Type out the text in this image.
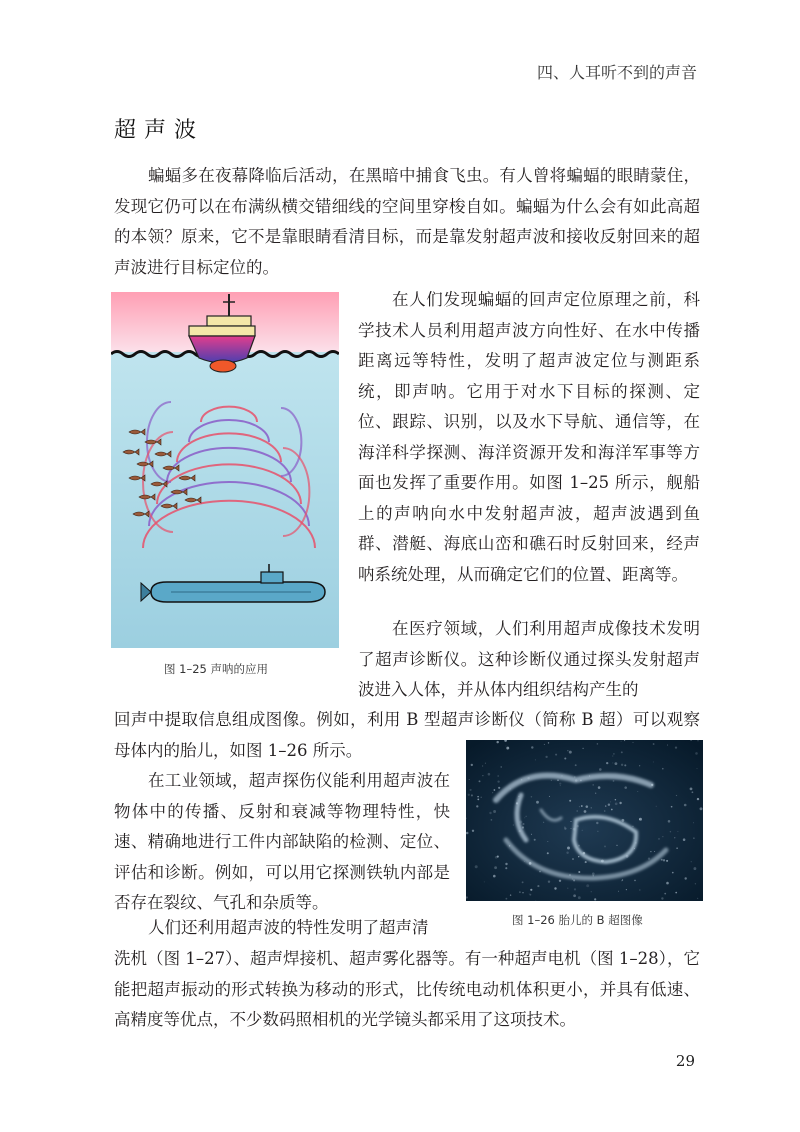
四、人耳听不到的声音
超声波

蝙蝠多在夜幕降临后活动，在黑暗中捕食飞虫。有人曾将蝙蝠的眼睛蒙住，发现它仍可以在布满纵横交错细线的空间里穿梭自如。蝙蝠为什么会有如此高超的本领？原来，它不是靠眼睛看清目标，而是靠发射超声波和接收反射回来的超声波进行目标定位的。

图 1–25 声呐的应用

在人们发现蝙蝠的回声定位原理之前，科学技术人员利用超声波方向性好、在水中传播距离远等特性，发明了超声波定位与测距系统，即声呐。它用于对水下目标的探测、定位、跟踪、识别，以及水下导航、通信等，在海洋科学探测、海洋资源开发和海洋军事等方面也发挥了重要作用。如图 1–25 所示，舰船上的声呐向水中发射超声波，超声波遇到鱼群、潜艇、海底山峦和礁石时反射回来，经声呐系统处理，从而确定它们的位置、距离等。

在医疗领域，人们利用超声成像技术发明了超声诊断仪。这种诊断仪通过探头发射超声波进入人体，并从体内组织结构产生的

回声中提取信息组成图像。例如，利用 B 型超声诊断仪（简称 B 超）可以观察母体内的胎儿，如图 1–26 所示。

图 1–26 胎儿的 B 超图像

在工业领域，超声探伤仪能利用超声波在物体中的传播、反射和衰减等物理特性，快速、精确地进行工件内部缺陷的检测、定位、评估和诊断。例如，可以用它探测铁轨内部是否存在裂纹、气孔和杂质等。

人们还利用超声波的特性发明了超声清

洗机（图 1–27）、超声焊接机、超声雾化器等。有一种超声电机（图 1–28），它能把超声振动的形式转换为移动的形式，比传统电动机体积更小，并具有低速、高精度等优点，不少数码照相机的光学镜头都采用了这项技术。

29
